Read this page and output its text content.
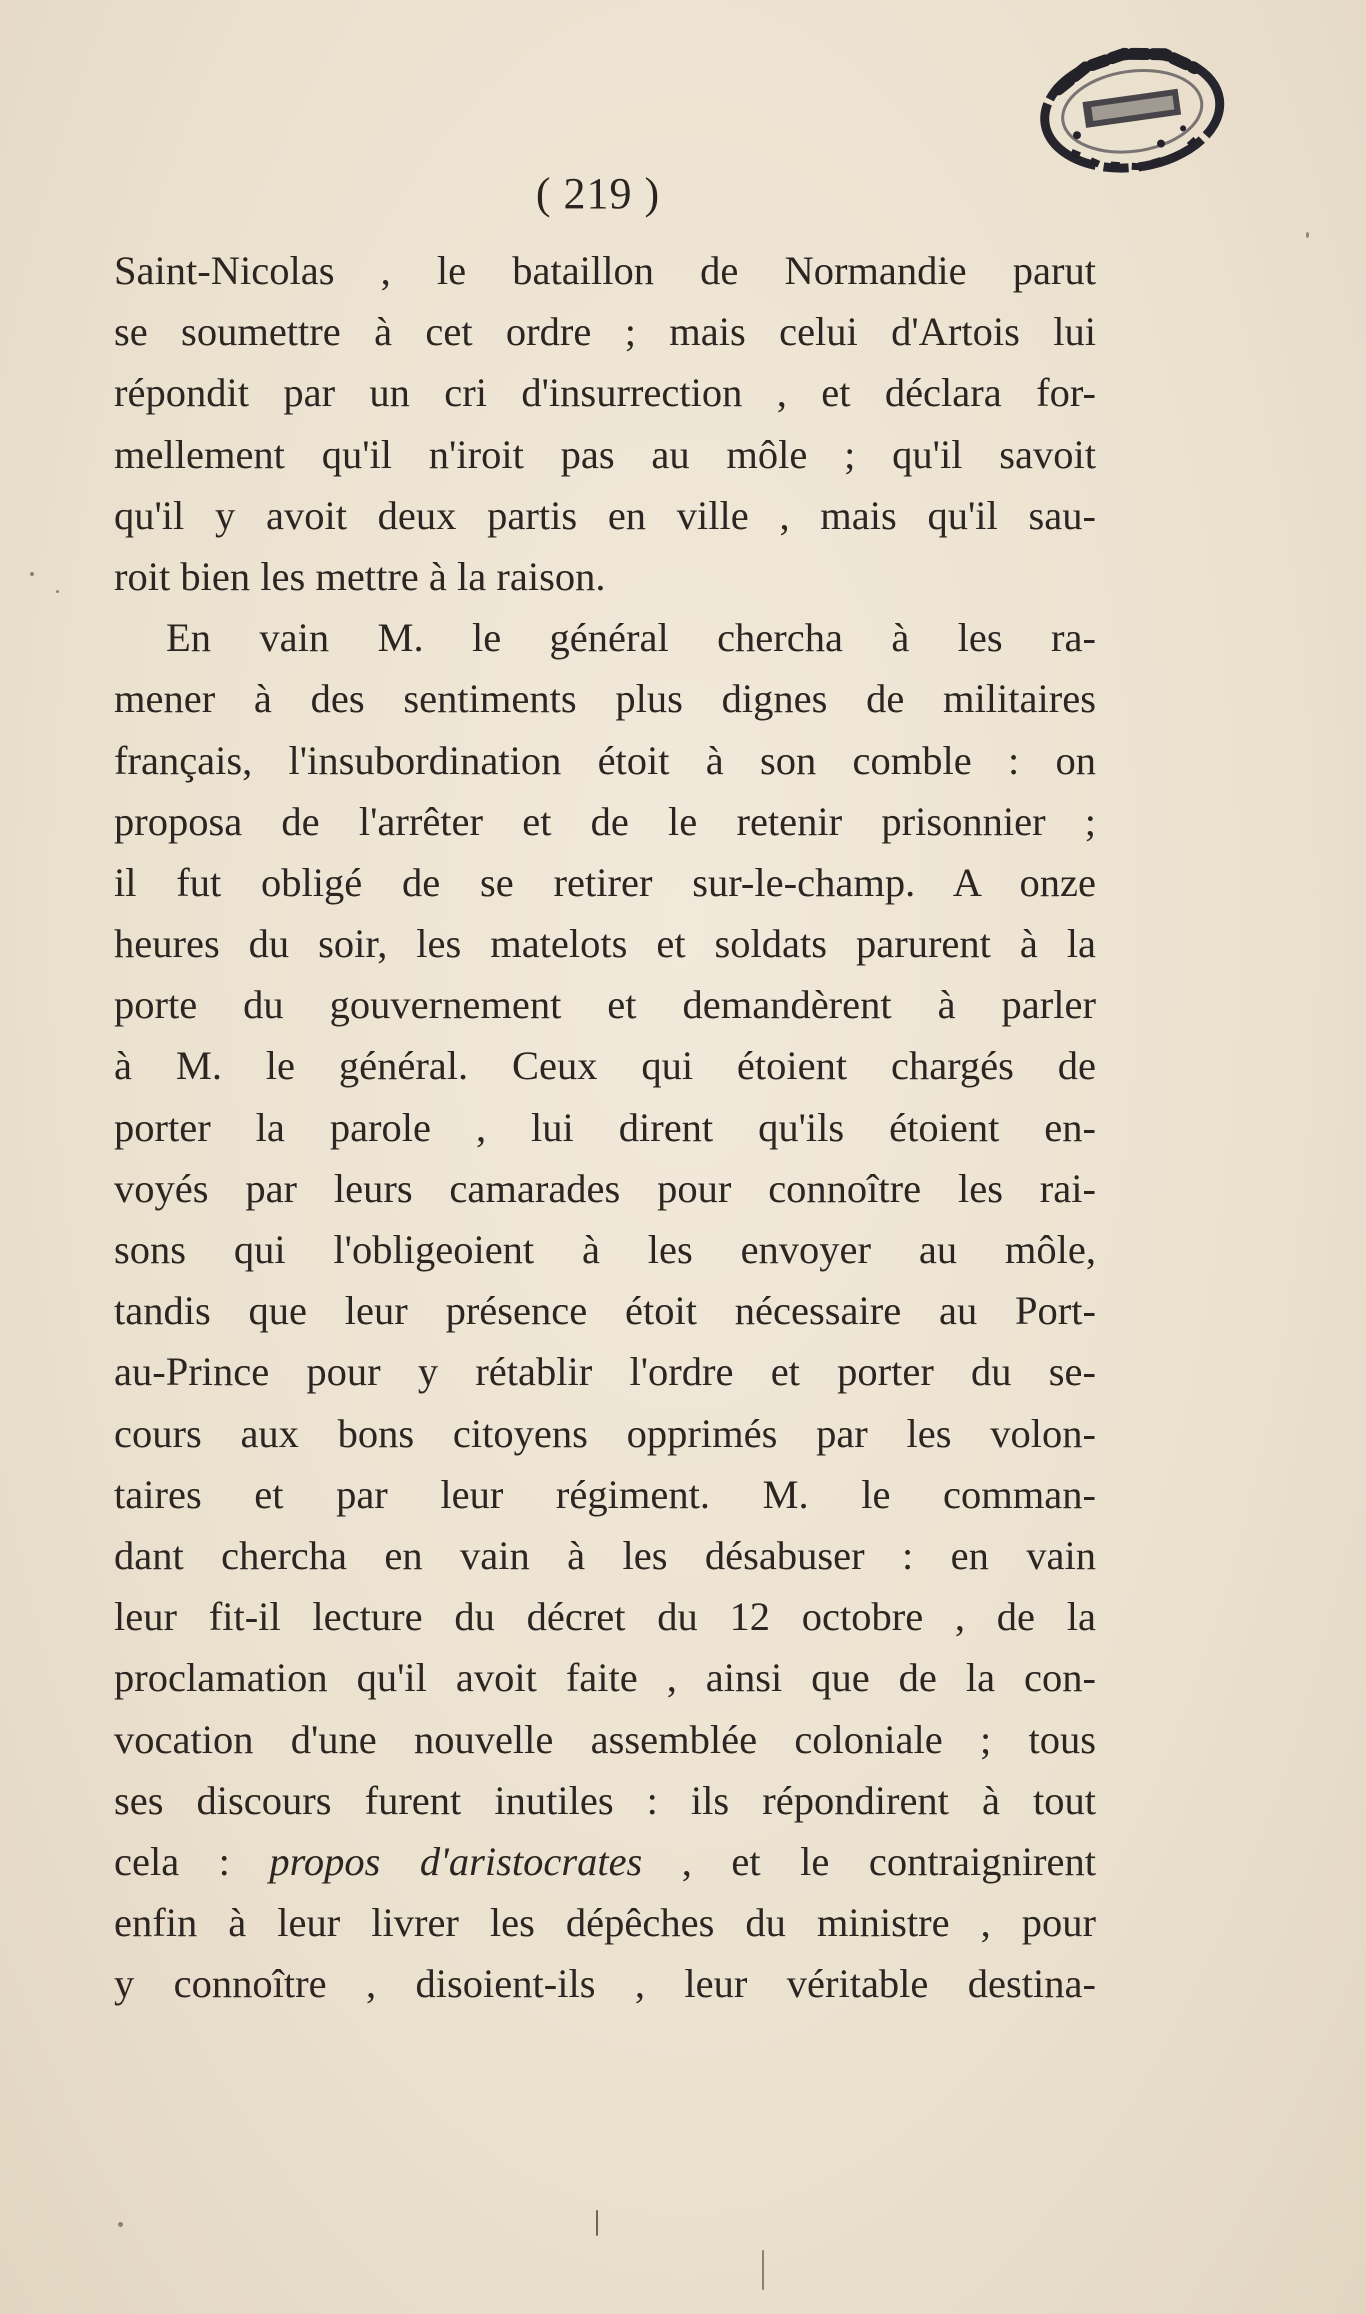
( 219 )
Saint-Nicolas , le bataillon de Normandie parut
se soumettre à cet ordre ; mais celui d'Artois lui
répondit par un cri d'insurrection , et déclara for-
mellement qu'il n'iroit pas au môle ; qu'il savoit
qu'il y avoit deux partis en ville , mais qu'il sau-
roit bien les mettre à la raison.
En vain M. le général chercha à les ra-
mener à des sentiments plus dignes de militaires
français, l'insubordination étoit à son comble : on
proposa de l'arrêter et de le retenir prisonnier ;
il fut obligé de se retirer sur-le-champ. A onze
heures du soir, les matelots et soldats parurent à la
porte du gouvernement et demandèrent à parler
à M. le général. Ceux qui étoient chargés de
porter la parole , lui dirent qu'ils étoient en-
voyés par leurs camarades pour connoître les rai-
sons qui l'obligeoient à les envoyer au môle,
tandis que leur présence étoit nécessaire au Port-
au-Prince pour y rétablir l'ordre et porter du se-
cours aux bons citoyens opprimés par les volon-
taires et par leur régiment. M. le comman-
dant chercha en vain à les désabuser : en vain
leur fit-il lecture du décret du 12 octobre , de la
proclamation qu'il avoit faite , ainsi que de la con-
vocation d'une nouvelle assemblée coloniale ; tous
ses discours furent inutiles : ils répondirent à tout
cela : propos d'aristocrates , et le contraignirent
enfin à leur livrer les dépêches du ministre , pour
y connoître , disoient-ils , leur véritable destina-
